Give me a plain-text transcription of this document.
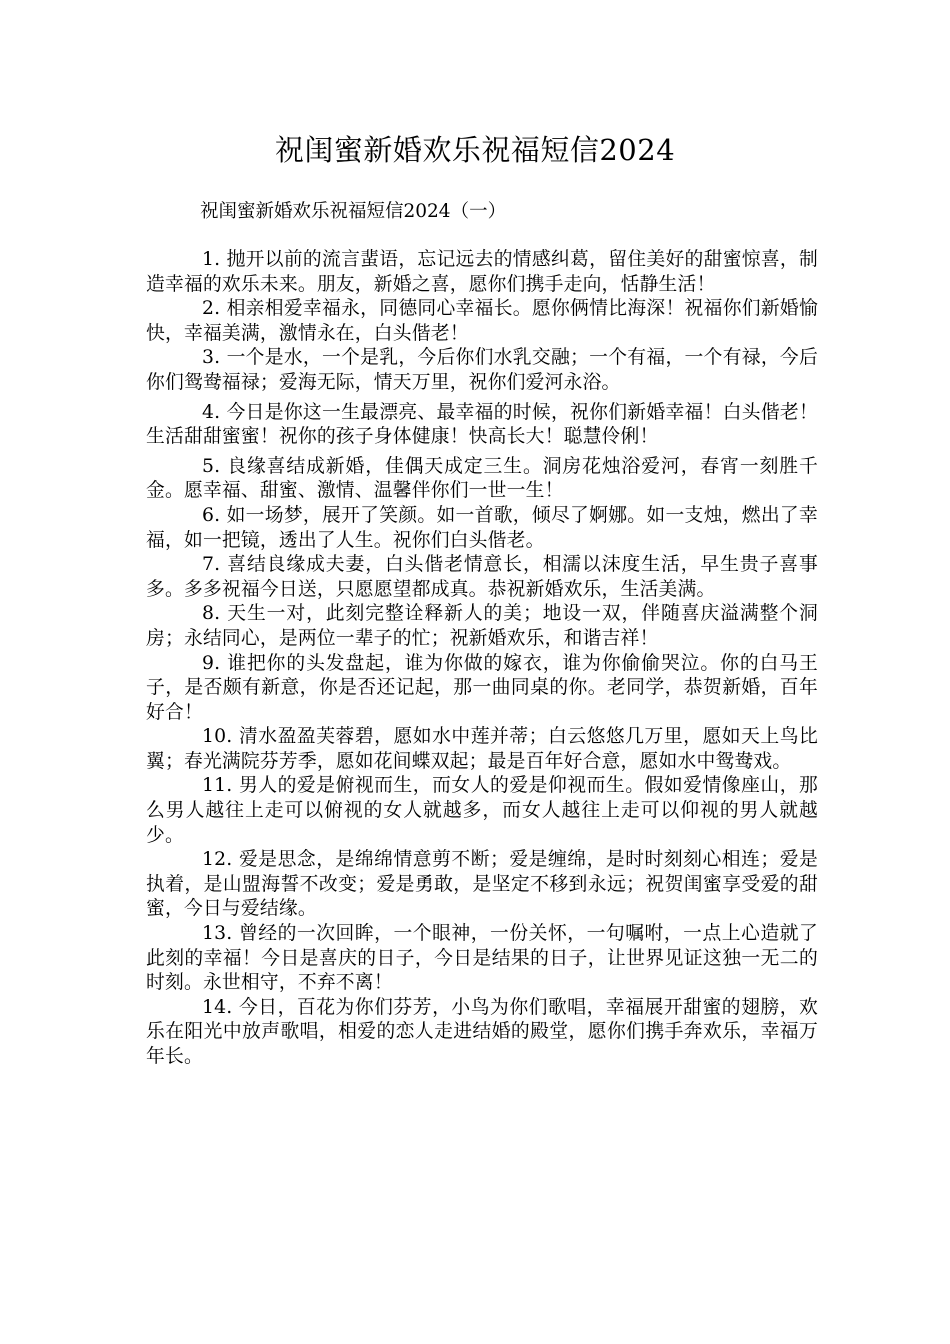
祝闺蜜新婚欢乐祝福短信2024

祝闺蜜新婚欢乐祝福短信2024（一）

1. 抛开以前的流言蜚语，忘记远去的情感纠葛，留住美好的甜蜜惊喜，制造幸福的欢乐未来。朋友，新婚之喜，愿你们携手走向，恬静生活！

2. 相亲相爱幸福永，同德同心幸福长。愿你俩情比海深！祝福你们新婚愉快，幸福美满，激情永在，白头偕老！

3. 一个是水，一个是乳，今后你们水乳交融；一个有福，一个有禄，今后你们鸳鸯福禄；爱海无际，情天万里，祝你们爱河永浴。

4. 今日是你这一生最漂亮、最幸福的时候，祝你们新婚幸福！白头偕老！生活甜甜蜜蜜！祝你的孩子身体健康！快高长大！聪慧伶俐！

5. 良缘喜结成新婚，佳偶天成定三生。洞房花烛浴爱河，春宵一刻胜千金。愿幸福、甜蜜、激情、温馨伴你们一世一生！

6. 如一场梦，展开了笑颜。如一首歌，倾尽了婀娜。如一支烛，燃出了幸福，如一把镜，透出了人生。祝你们白头偕老。

7. 喜结良缘成夫妻，白头偕老情意长，相濡以沫度生活，早生贵子喜事多。多多祝福今日送，只愿愿望都成真。恭祝新婚欢乐，生活美满。

8. 天生一对，此刻完整诠释新人的美；地设一双，伴随喜庆溢满整个洞房；永结同心，是两位一辈子的忙；祝新婚欢乐，和谐吉祥！

9. 谁把你的头发盘起，谁为你做的嫁衣，谁为你偷偷哭泣。你的白马王子，是否颇有新意，你是否还记起，那一曲同桌的你。老同学，恭贺新婚，百年好合！

10. 清水盈盈芙蓉碧，愿如水中莲并蒂；白云悠悠几万里，愿如天上鸟比翼；春光满院芬芳季，愿如花间蝶双起；最是百年好合意，愿如水中鸳鸯戏。

11. 男人的爱是俯视而生，而女人的爱是仰视而生。假如爱情像座山，那么男人越往上走可以俯视的女人就越多，而女人越往上走可以仰视的男人就越少。

12. 爱是思念，是绵绵情意剪不断；爱是缠绵，是时时刻刻心相连；爱是执着，是山盟海誓不改变；爱是勇敢，是坚定不移到永远；祝贺闺蜜享受爱的甜蜜，今日与爱结缘。

13. 曾经的一次回眸，一个眼神，一份关怀，一句嘱咐，一点上心造就了此刻的幸福！今日是喜庆的日子，今日是结果的日子，让世界见证这独一无二的时刻。永世相守，不弃不离！

14. 今日，百花为你们芬芳，小鸟为你们歌唱，幸福展开甜蜜的翅膀，欢乐在阳光中放声歌唱，相爱的恋人走进结婚的殿堂，愿你们携手奔欢乐，幸福万年长。
